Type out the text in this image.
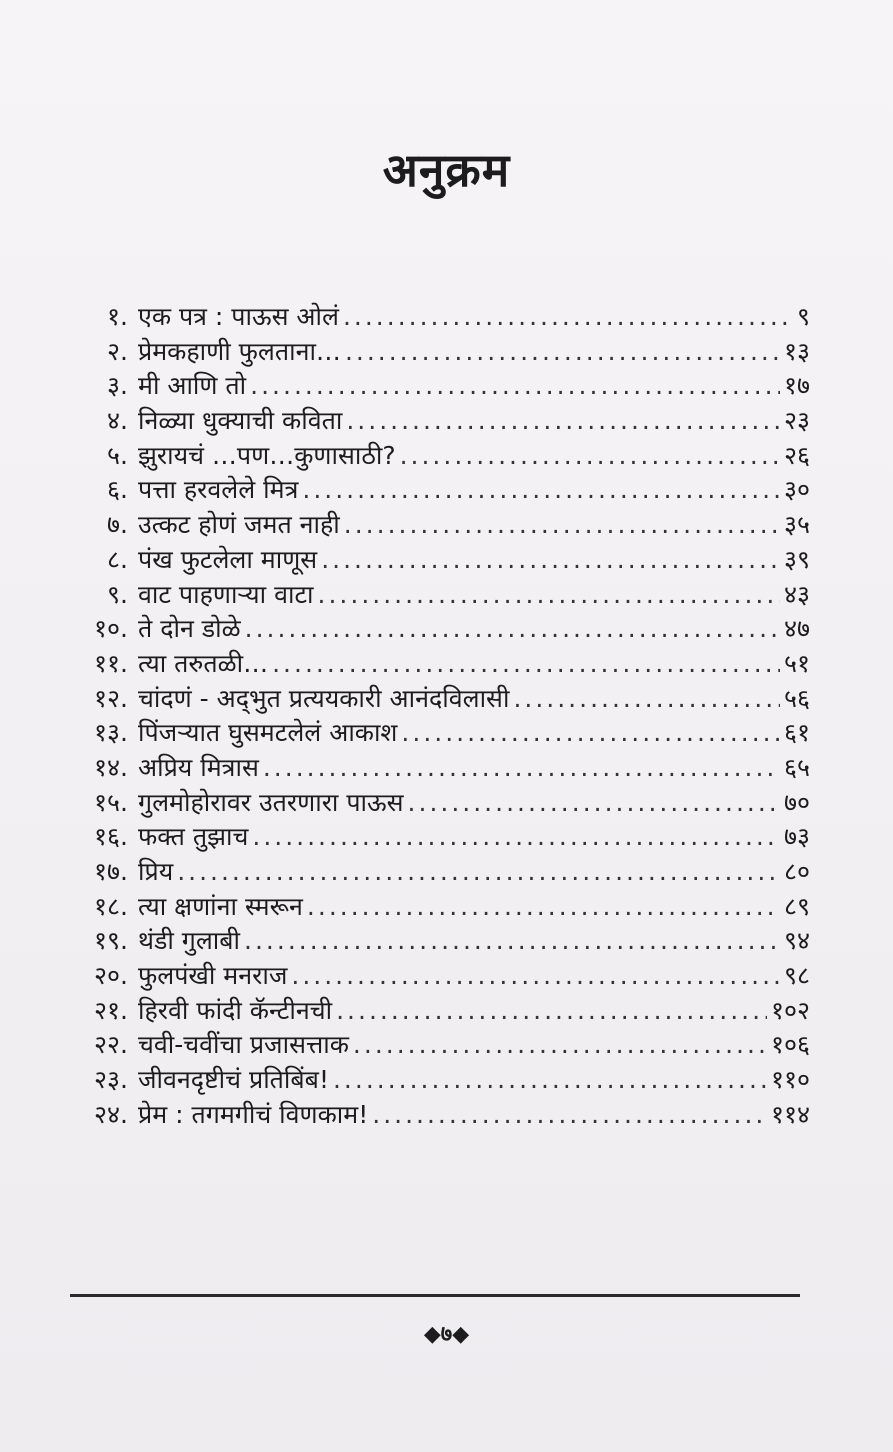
अनुक्रम
१. एक पत्र : पाऊस ओलं .....	९
२. प्रेमकहाणी फुलताना… .....	१३
३. मी आणि तो .....	१७
४. निळ्या धुक्याची कविता .....	२३
५. झुरायचं …पण…कुणासाठी? .....	२६
६. पत्ता हरवलेले मित्र .....	३०
७. उत्कट होणं जमत नाही .....	३५
८. पंख फुटलेला माणूस .....	३९
९. वाट पाहणाऱ्या वाटा .....	४३
१०. ते दोन डोळे .....	४७
११. त्या तरुतळी… .....	५१
१२. चांदणं - अद्‌भुत प्रत्ययकारी आनंदविलासी .....	५६
१३. पिंजऱ्यात घुसमटलेलं आकाश .....	६१
१४. अप्रिय मित्रास .....	६५
१५. गुलमोहोरावर उतरणारा पाऊस .....	७०
१६. फक्त तुझाच .....	७३
१७. प्रिय .....	८०
१८. त्या क्षणांना स्मरून .....	८९
१९. थंडी गुलाबी .....	९४
२०. फुलपंखी मनराज .....	९८
२१. हिरवी फांदी कॅन्टीनची .....	१०२
२२. चवी-चवींचा प्रजासत्ताक .....	१०६
२३. जीवनदृष्टीचं प्रतिबिंब! .....	११०
२४. प्रेम : तगमगीचं विणकाम! .....	११४
◆७◆
